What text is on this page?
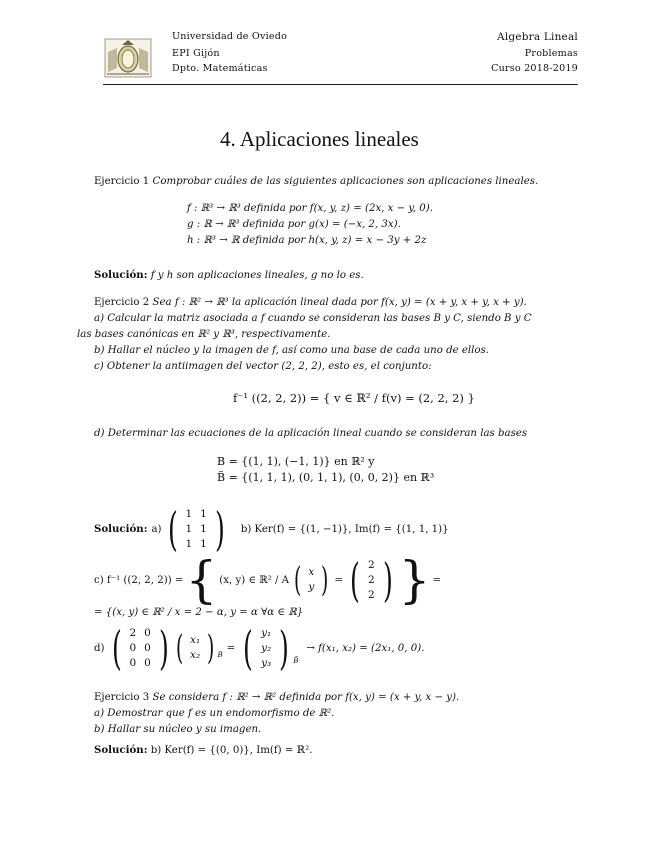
Universidad de Oviedo
EPI Gijón
Dpto. Matemáticas
Algebra Lineal
Problemas
Curso 2018-2019
4. Aplicaciones lineales
Ejercicio 1 Comprobar cuáles de las siguientes aplicaciones son aplicaciones lineales.
f : ℝ³ → ℝ³ definida por f(x, y, z) = (2x, x − y, 0).
g : ℝ → ℝ³ definida por g(x) = (−x, 2, 3x).
h : ℝ³ → ℝ definida por h(x, y, z) = x − 3y + 2z
Solución: f y h son aplicaciones lineales, g no lo es.
Ejercicio 2 Sea f : ℝ² → ℝ³ la aplicación lineal dada por f(x, y) = (x + y, x + y, x + y).
a) Calcular la matriz asociada a f cuando se consideran las bases B y C, siendo B y C
las bases canónicas en ℝ² y ℝ³, respectivamente.
b) Hallar el núcleo y la imagen de f, así como una base de cada uno de ellos.
c) Obtener la antiimagen del vector (2, 2, 2), esto es, el conjunto:
f⁻¹ ((2, 2, 2)) = { v ∈ ℝ² / f(v) = (2, 2, 2) }
d) Determinar las ecuaciones de la aplicación lineal cuando se consideran las bases
B = {(1, 1), (−1, 1)} en ℝ² y
B̃ = {(1, 1, 1), (0, 1, 1), (0, 0, 2)} en ℝ³
Solución: a) ( 1	1
1	1
1	1 ) b) Ker(f) = {(1, −1)}, Im(f) = {(1, 1, 1)}
c) f⁻¹ ((2, 2, 2)) = { (x, y) ∈ ℝ² / A ( x
y ) = ( 2
2
2 ) } =
= {(x, y) ∈ ℝ² / x = 2 − α, y = α ∀α ∈ ℝ}
d) ( 2	0
0	0
0	0 ) ( x₁
x₂ ) B
= ( y₁
y₂
y₃ ) B̃
→ f(x₁, x₂) = (2x₁, 0, 0).
Ejercicio 3 Se considera f : ℝ² → ℝ² definida por f(x, y) = (x + y, x − y).
a) Demostrar que f es un endomorfismo de ℝ².
b) Hallar su núcleo y su imagen.
Solución: b) Ker(f) = {(0, 0)}, Im(f) = ℝ².
